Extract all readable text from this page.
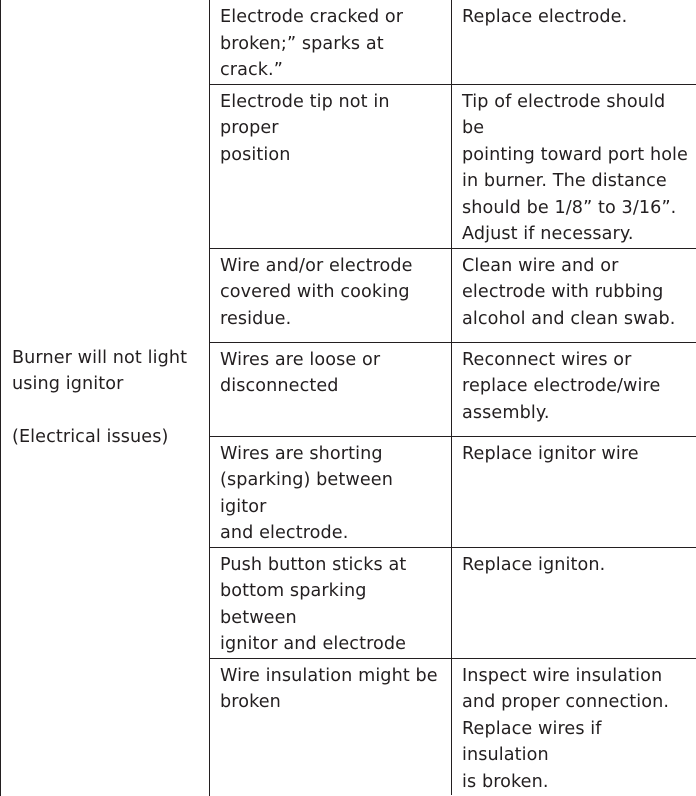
Burner will not light
using ignitor
(Electrical issues)	Electrode cracked or
broken;” sparks at crack.”	Replace electrode.

	Electrode tip not in proper
position	Tip of electrode should be
pointing toward port hole
in burner. The distance
should be 1/8” to 3/16”.
Adjust if necessary.

	Wire and/or electrode
covered with cooking
residue.	Clean wire and or
electrode with rubbing
alcohol and clean swab.

	Wires are loose or
disconnected	Reconnect wires or
replace electrode/wire
assembly.

	Wires are shorting
(sparking) between igitor
and electrode.	Replace ignitor wire

	Push button sticks at
bottom sparking between
ignitor and electrode	Replace igniton.

	Wire insulation might be
broken	Inspect wire insulation
and proper connection.
Replace wires if insulation
is broken.
